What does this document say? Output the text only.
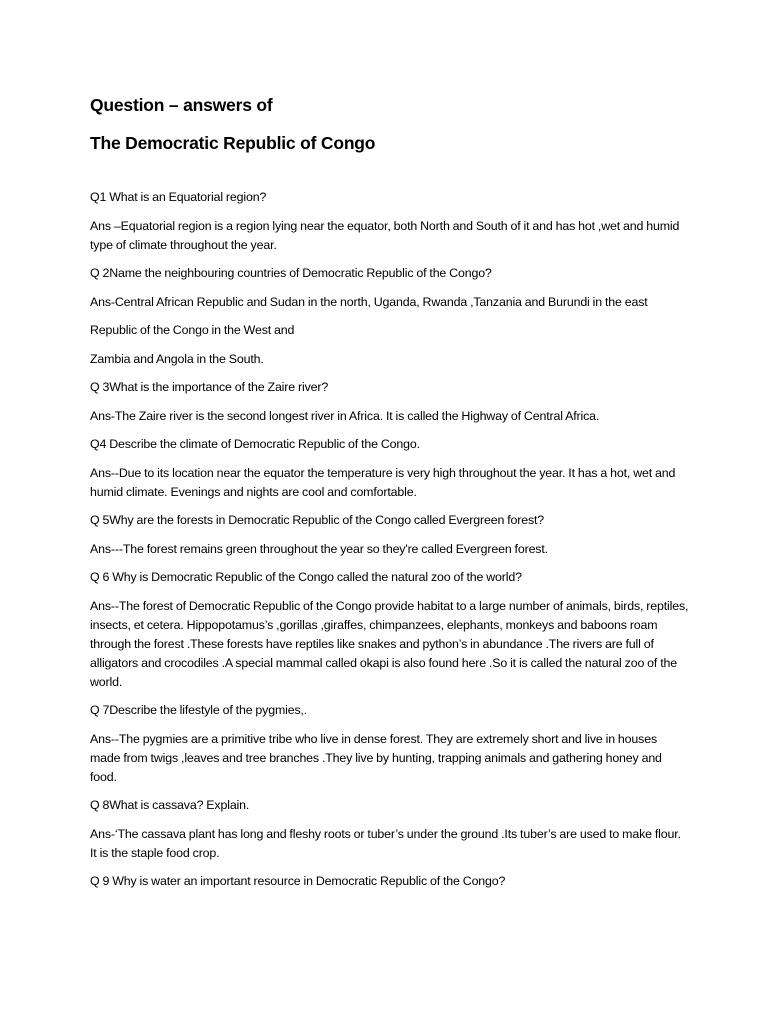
Question – answers of
The Democratic Republic of Congo

Q1 What is an Equatorial region?

Ans –Equatorial region is a region lying near the equator, both North and South of it and has hot ,wet and humid type of climate throughout the year.

Q 2Name the neighbouring countries of Democratic Republic of the Congo?

Ans-Central African Republic and Sudan in the north, Uganda, Rwanda ,Tanzania and Burundi in the east

Republic of the Congo in the West and

Zambia and Angola in the South.

Q 3What is the importance of the Zaire river?

Ans-The Zaire river is the second longest river in Africa. It is called the Highway of Central Africa.

Q4 Describe the climate of Democratic Republic of the Congo.

Ans--Due to its location near the equator the temperature is very high throughout the year. It has a hot, wet and humid climate. Evenings and nights are cool and comfortable.

Q 5Why are the forests in Democratic Republic of the Congo called Evergreen forest?

Ans---The forest remains green throughout the year so they're called Evergreen forest.

Q 6 Why is Democratic Republic of the Congo called the natural zoo of the world?

Ans--The forest of Democratic Republic of the Congo provide habitat to a large number of animals, birds, reptiles, insects, et cetera. Hippopotamus’s ,gorillas ,giraffes, chimpanzees, elephants, monkeys and baboons roam through the forest .These forests have reptiles like snakes and python’s in abundance .The rivers are full of alligators and crocodiles .A special mammal called okapi is also found here .So it is called the natural zoo of the world.

Q 7Describe the lifestyle of the pygmies,.

Ans--The pygmies are a primitive tribe who live in dense forest. They are extremely short and live in houses made from twigs ,leaves and tree branches .They live by hunting, trapping animals and gathering honey and food.

Q 8What is cassava? Explain.

Ans-‘The cassava plant has long and fleshy roots or tuber’s under the ground .Its tuber’s are used to make flour. It is the staple food crop.

Q 9 Why is water an important resource in Democratic Republic of the Congo?
